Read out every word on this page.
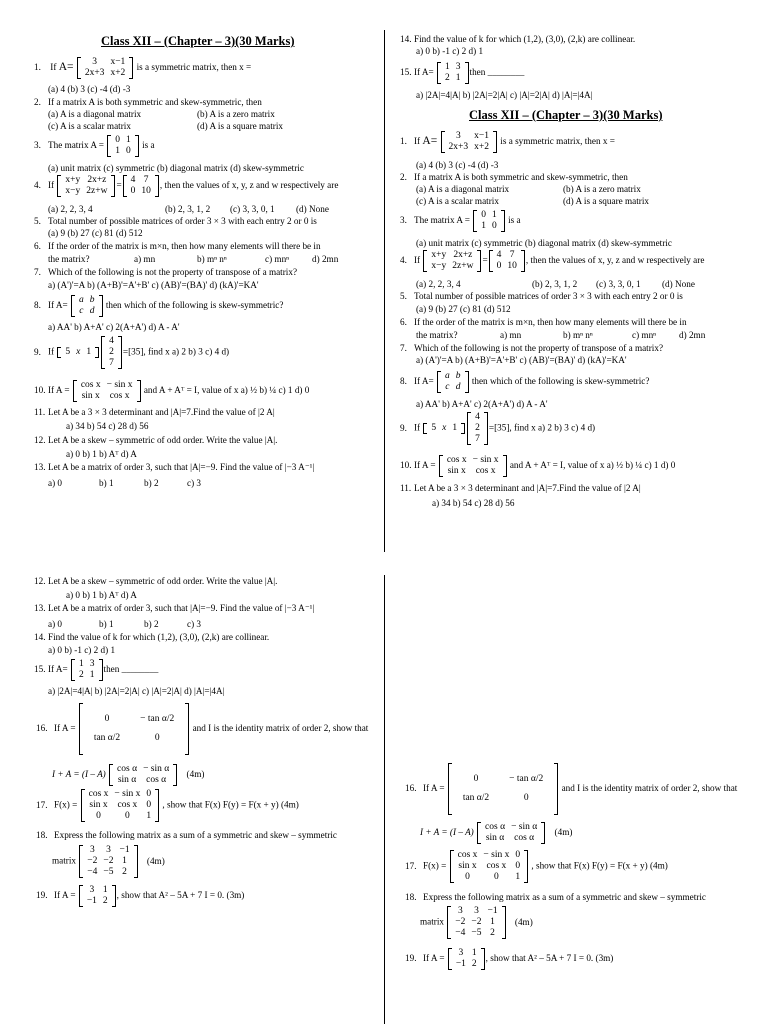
Class XII – (Chapter – 3)(30 Marks)
1. If A= 3	x−1
2x+3	x+2
is a symmetric matrix, then x =
(a) 4 (b) 3 (c) -4 (d) -3
2. If a matrix A is both symmetric and skew-symmetric, then
(a) A is a diagonal matrix	(b) A is a zero matrix
(c) A is a scalar matrix	(d) A is a square matrix
3. The matrix A =
0	1
1	0
is a
(a) unit matrix (c) symmetric (b) diagonal matrix (d) skew-symmetric
4. If
x+y	2x+z
x−y	2z+w
=
4	7
0	10
, then the values of x, y, z and w respectively are
(a) 2, 2, 3, 4	(b) 2, 3, 1, 2 (c) 3, 3, 0, 1 (d) None
5. Total number of possible matrices of order 3 × 3 with each entry 2 or 0 is
(a) 9 (b) 27 (c) 81 (d) 512
6. If the order of the matrix is m×n, then how many elements will there be in
the matrix?	a) mn	b) mⁿ nⁿ	c) mnⁿ d) 2mn
7. Which of the following is not the property of transpose of a matrix?
a) (A')'=A b) (A+B)'=A'+B' c) (AB)'=(BA)' d) (kA)'=KA'
8. If A=
a	b
c	d
then which of the following is skew-symmetric?
a) AA' b) A+A' c) 2(A+A') d) A - A'
9. If 5	x	1
4
2
7
=[35], find x a) 2 b) 3 c) 4 d)
10. If A =
cos x	− sin x
sin x	cos x
and A + Aᵀ = I, value of x a) ½ b) ¼ c) 1 d) 0
11. Let A be a 3 × 3 determinant and |A|=7.Find the value of |2 A|
a) 34 b) 54 c) 28 d) 56
12. Let A be a skew – symmetric of odd order. Write the value |A|.
a) 0 b) 1 b) Aᵀ d) A
13. Let A be a matrix of order 3, such that |A|=−9. Find the value of |−3 A⁻¹|
a) 0	b) 1	b) 2	c) 3
14. Find the value of k for which (1,2), (3,0), (2,k) are collinear.
a) 0 b) -1 c) 2 d) 1
15. If A=
1	3
2	1
then ________
a) |2A|=4|A| b) |2A|=2|A| c) |A|=2|A| d) |A|=|4A|
Class XII – (Chapter – 3)(30 Marks)
1. If A= 3	x−1
2x+3	x+2
is a symmetric matrix, then x =
(a) 4 (b) 3 (c) -4 (d) -3
2. If a matrix A is both symmetric and skew-symmetric, then
(a) A is a diagonal matrix	(b) A is a zero matrix
(c) A is a scalar matrix	(d) A is a square matrix
3. The matrix A =
0	1
1	0
is a
(a) unit matrix (c) symmetric (b) diagonal matrix (d) skew-symmetric
4. If
x+y	2x+z
x−y	2z+w
=
4	7
0	10
, then the values of x, y, z and w respectively are
(a) 2, 2, 3, 4	(b) 2, 3, 1, 2 (c) 3, 3, 0, 1 (d) None
5. Total number of possible matrices of order 3 × 3 with each entry 2 or 0 is
(a) 9 (b) 27 (c) 81 (d) 512
6. If the order of the matrix is m×n, then how many elements will there be in
the matrix?	a) mn	b) mⁿ nⁿ	c) mnⁿ d) 2mn
7. Which of the following is not the property of transpose of a matrix?
a) (A')'=A b) (A+B)'=A'+B' c) (AB)'=(BA)' d) (kA)'=KA'
8. If A=
a	b
c	d
then which of the following is skew-symmetric?
a) AA' b) A+A' c) 2(A+A') d) A - A'
9. If 5	x	1
4
2
7
=[35], find x a) 2 b) 3 c) 4 d)
10. If A =
cos x	− sin x
sin x	cos x
and A + Aᵀ = I, value of x a) ½ b) ¼ c) 1 d) 0
11. Let A be a 3 × 3 determinant and |A|=7.Find the value of |2 A|
a) 34 b) 54 c) 28 d) 56
12. Let A be a skew – symmetric of odd order. Write the value |A|.
a) 0 b) 1 b) Aᵀ d) A
13. Let A be a matrix of order 3, such that |A|=−9. Find the value of |−3 A⁻¹|
a) 0	b) 1	b) 2	c) 3
14. Find the value of k for which (1,2), (3,0), (2,k) are collinear.
a) 0 b) -1 c) 2 d) 1
15. If A=
1	3
2	1
then ________
a) |2A|=4|A| b) |2A|=2|A| c) |A|=2|A| d) |A|=|4A|
16. If A =
0	− tan α/2
tan α/2	0
and I is the identity matrix of order 2, show that
I + A = (I – A)
cos α	− sin α
sin α	cos α
(4m)
17. F(x) =
cos x	− sin x	0
sin x	cos x	0
0	0	1
, show that F(x) F(y) = F(x + y) (4m)
18. Express the following matrix as a sum of a symmetric and skew – symmetric
matrix
3	3	−1
−2	−2	1
−4	−5	2
(4m)
19. If A =
3	1
−1	2
, show that A² – 5A + 7 I = 0. (3m)
16. If A =
0	− tan α/2
tan α/2	0
and I is the identity matrix of order 2, show that
I + A = (I – A)
cos α	− sin α
sin α	cos α
(4m)
17. F(x) =
cos x	− sin x	0
sin x	cos x	0
0	0	1
, show that F(x) F(y) = F(x + y) (4m)
18. Express the following matrix as a sum of a symmetric and skew – symmetric
matrix
3	3	−1
−2	−2	1
−4	−5	2
(4m)
19. If A =
3	1
−1	2
, show that A² – 5A + 7 I = 0. (3m)
